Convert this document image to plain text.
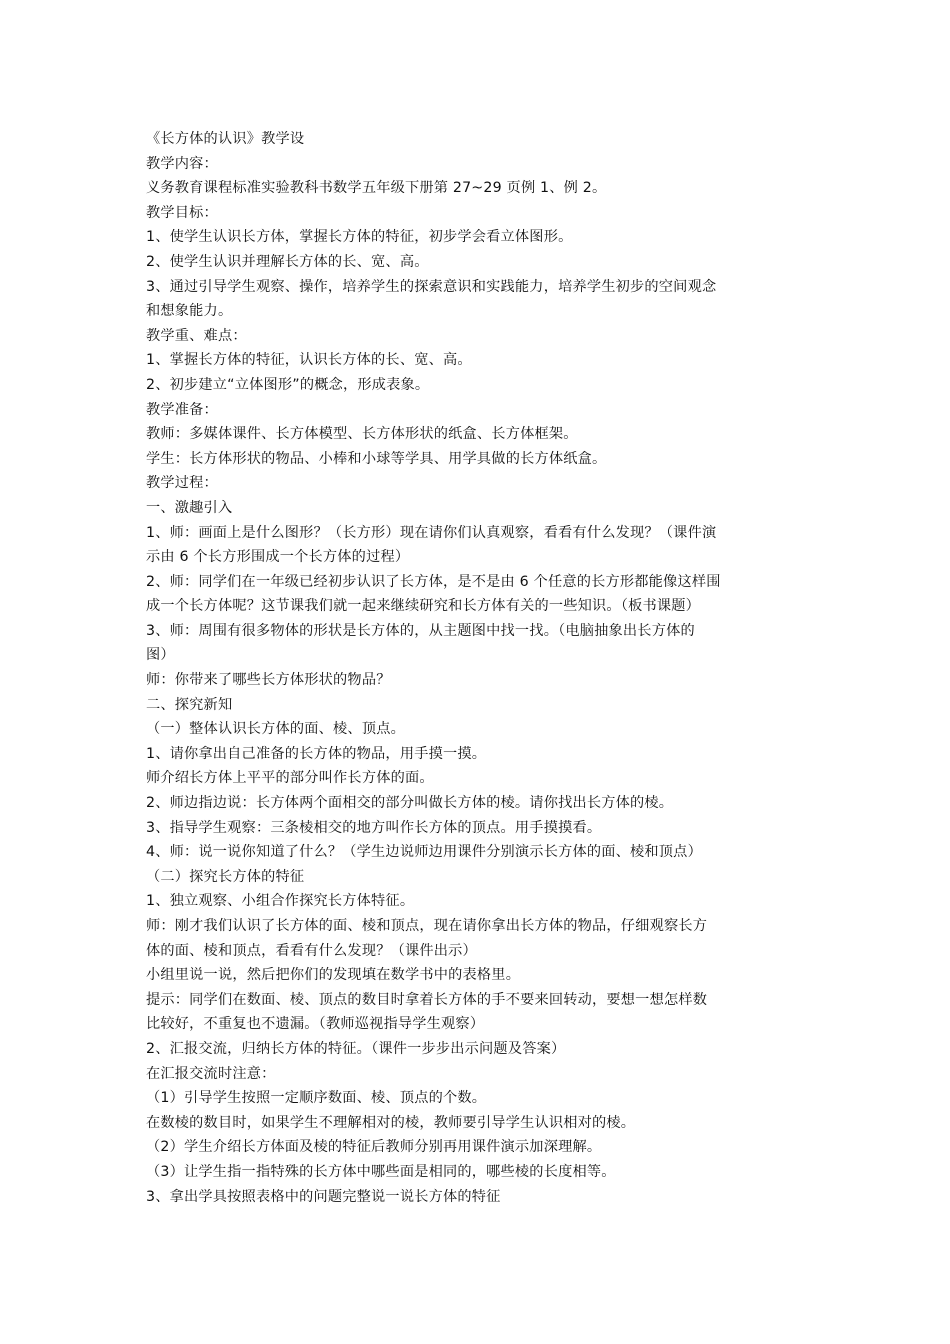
《长方体的认识》教学设
教学内容：
义务教育课程标准实验教科书数学五年级下册第 27~29 页例 1、例 2。
教学目标：
1、使学生认识长方体，掌握长方体的特征，初步学会看立体图形。
2、使学生认识并理解长方体的长、宽、高。
3、通过引导学生观察、操作，培养学生的探索意识和实践能力，培养学生初步的空间观念
和想象能力。
教学重、难点：
1、掌握长方体的特征，认识长方体的长、宽、高。
2、初步建立“立体图形”的概念，形成表象。
教学准备：
教师：多媒体课件、长方体模型、长方体形状的纸盒、长方体框架。
学生：长方体形状的物品、小棒和小球等学具、用学具做的长方体纸盒。
教学过程：
一、激趣引入
1、师：画面上是什么图形？（长方形）现在请你们认真观察，看看有什么发现？（课件演
示由 6 个长方形围成一个长方体的过程）
2、师：同学们在一年级已经初步认识了长方体，是不是由 6 个任意的长方形都能像这样围
成一个长方体呢？这节课我们就一起来继续研究和长方体有关的一些知识。（板书课题）
3、师：周围有很多物体的形状是长方体的，从主题图中找一找。（电脑抽象出长方体的
图）
师：你带来了哪些长方体形状的物品？
二、探究新知
（一）整体认识长方体的面、棱、顶点。
1、请你拿出自己准备的长方体的物品，用手摸一摸。
师介绍长方体上平平的部分叫作长方体的面。
2、师边指边说：长方体两个面相交的部分叫做长方体的棱。请你找出长方体的棱。
3、指导学生观察：三条棱相交的地方叫作长方体的顶点。用手摸摸看。
4、师：说一说你知道了什么？（学生边说师边用课件分别演示长方体的面、棱和顶点）
（二）探究长方体的特征
1、独立观察、小组合作探究长方体特征。
师：刚才我们认识了长方体的面、棱和顶点，现在请你拿出长方体的物品，仔细观察长方
体的面、棱和顶点，看看有什么发现？（课件出示）
小组里说一说，然后把你们的发现填在数学书中的表格里。
提示：同学们在数面、棱、顶点的数目时拿着长方体的手不要来回转动，要想一想怎样数
比较好，不重复也不遗漏。（教师巡视指导学生观察）
2、汇报交流，归纳长方体的特征。（课件一步步出示问题及答案）
在汇报交流时注意：
（1）引导学生按照一定顺序数面、棱、顶点的个数。
在数棱的数目时，如果学生不理解相对的棱，教师要引导学生认识相对的棱。
（2）学生介绍长方体面及棱的特征后教师分别再用课件演示加深理解。
（3）让学生指一指特殊的长方体中哪些面是相同的，哪些棱的长度相等。
3、拿出学具按照表格中的问题完整说一说长方体的特征
